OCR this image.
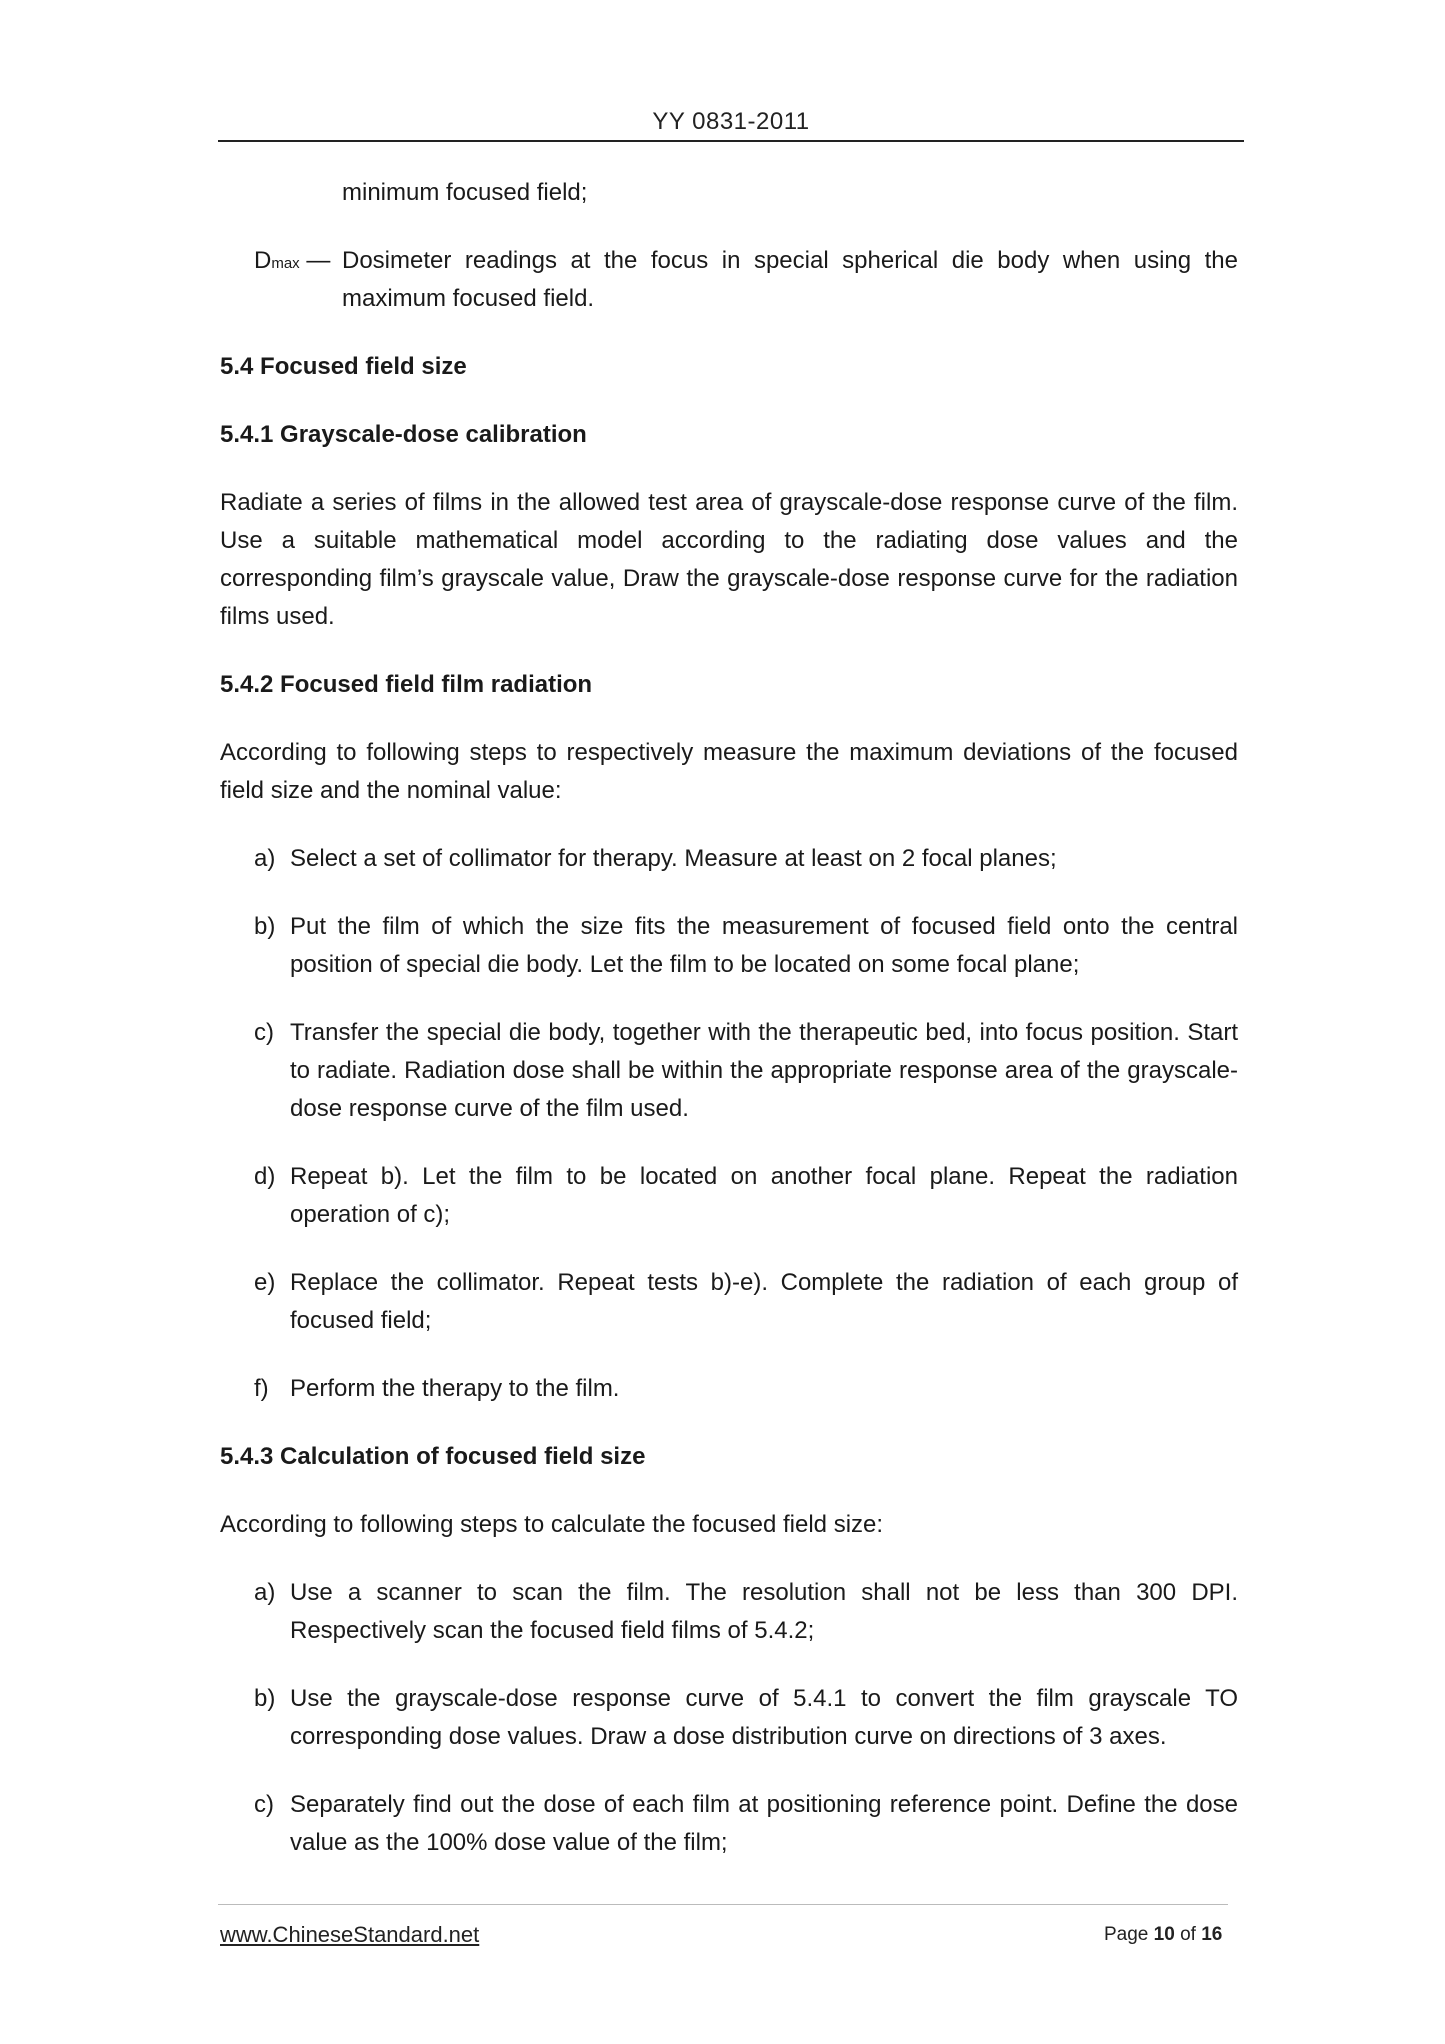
YY 0831-2011

minimum focused field;

Dmax — Dosimeter readings at the focus in special spherical die body when using the maximum focused field.
5.4 Focused field size
5.4.1 Grayscale-dose calibration

Radiate a series of films in the allowed test area of grayscale-dose response curve of the film. Use a suitable mathematical model according to the radiating dose values and the corresponding film’s grayscale value, Draw the grayscale-dose response curve for the radiation films used.

5.4.2 Focused field film radiation

According to following steps to respectively measure the maximum deviations of the focused field size and the nominal value:

a) Select a set of collimator for therapy. Measure at least on 2 focal planes;
b) Put the film of which the size fits the measurement of focused field onto the central position of special die body. Let the film to be located on some focal plane;
c) Transfer the special die body, together with the therapeutic bed, into focus position. Start to radiate. Radiation dose shall be within the appropriate response area of the grayscale-dose response curve of the film used.
d) Repeat b). Let the film to be located on another focal plane. Repeat the radiation operation of c);
e) Replace the collimator. Repeat tests b)-e). Complete the radiation of each group of focused field;
f) Perform the therapy to the film.
5.4.3 Calculation of focused field size

According to following steps to calculate the focused field size:

a) Use a scanner to scan the film. The resolution shall not be less than 300 DPI. Respectively scan the focused field films of 5.4.2;
b) Use the grayscale-dose response curve of 5.4.1 to convert the film grayscale TO corresponding dose values. Draw a dose distribution curve on directions of 3 axes.
c) Separately find out the dose of each film at positioning reference point. Define the dose value as the 100% dose value of the film;
www.ChineseStandard.net	Page 10 of 16
